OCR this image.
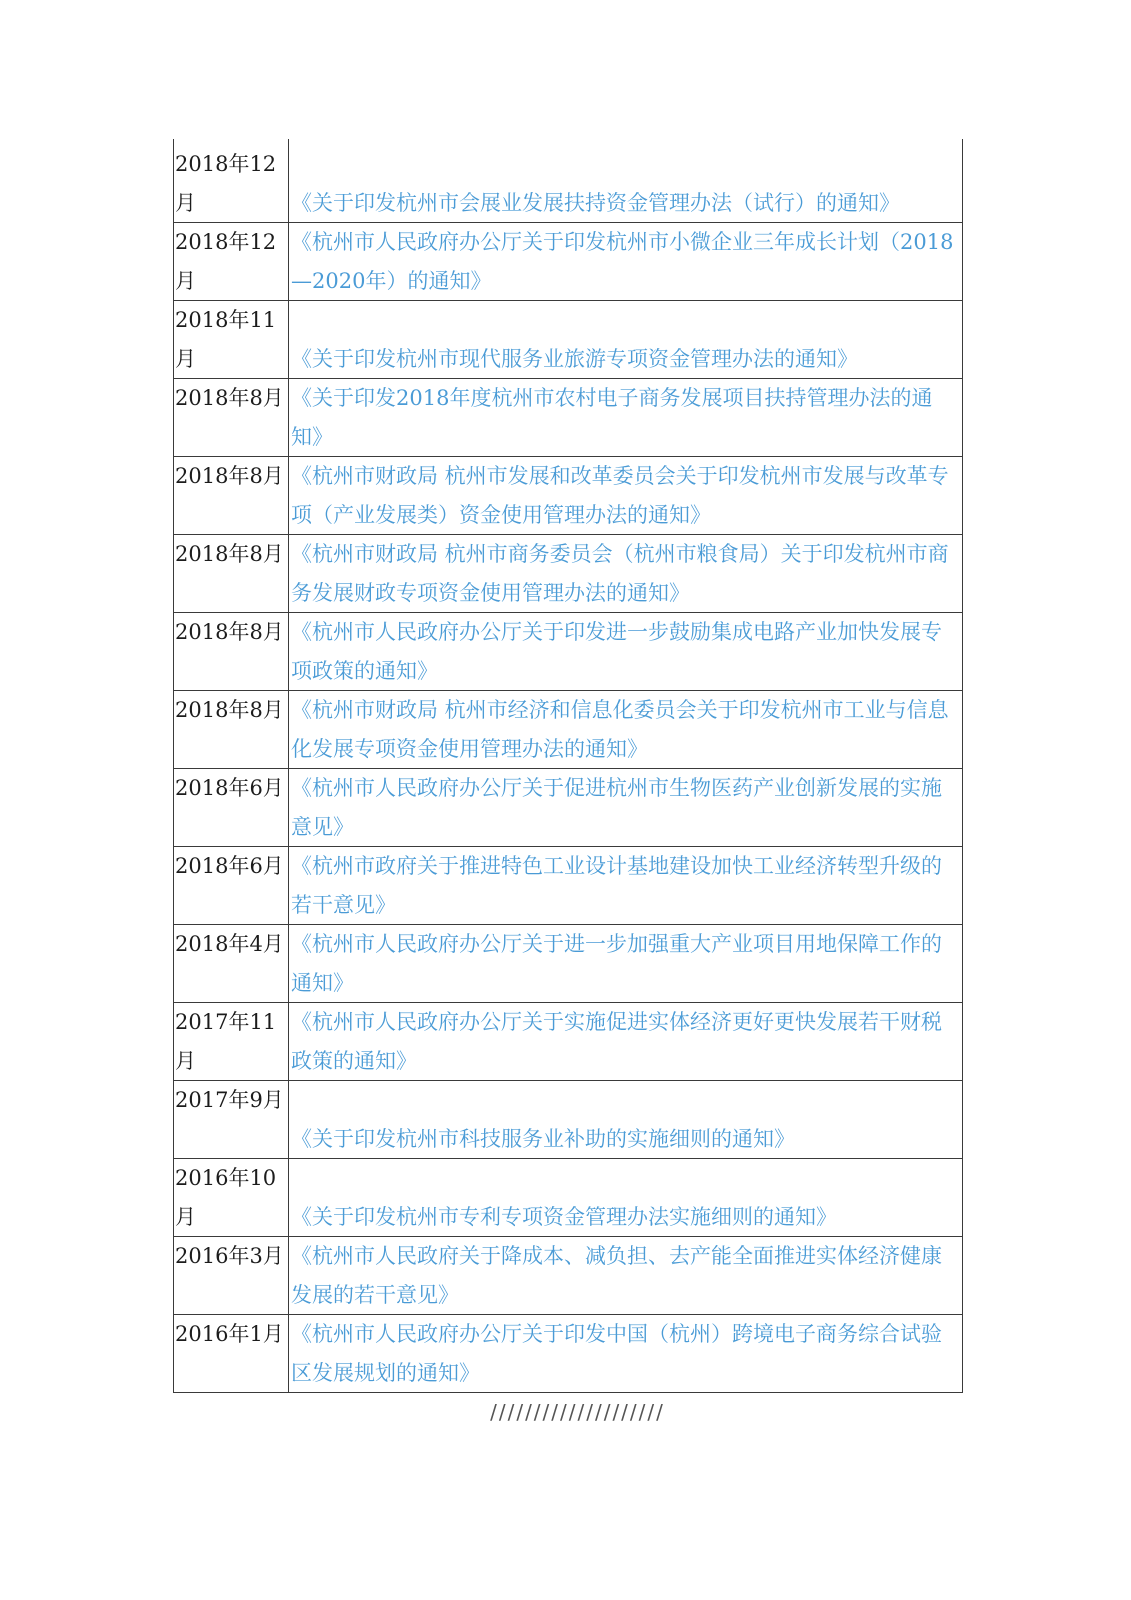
2018年12月	《关于印发杭州市会展业发展扶持资金管理办法（试行）的通知》

2018年12月	《杭州市人民政府办公厅关于印发杭州市小微企业三年成长计划（2018—2020年）的通知》

2018年11月	《关于印发杭州市现代服务业旅游专项资金管理办法的通知》

2018年8月	《关于印发2018年度杭州市农村电子商务发展项目扶持管理办法的通知》

2018年8月	《杭州市财政局 杭州市发展和改革委员会关于印发杭州市发展与改革专项（产业发展类）资金使用管理办法的通知》

2018年8月	《杭州市财政局 杭州市商务委员会（杭州市粮食局）关于印发杭州市商务发展财政专项资金使用管理办法的通知》

2018年8月	《杭州市人民政府办公厅关于印发进一步鼓励集成电路产业加快发展专项政策的通知》

2018年8月	《杭州市财政局 杭州市经济和信息化委员会关于印发杭州市工业与信息化发展专项资金使用管理办法的通知》

2018年6月	《杭州市人民政府办公厅关于促进杭州市生物医药产业创新发展的实施意见》

2018年6月	《杭州市政府关于推进特色工业设计基地建设加快工业经济转型升级的若干意见》

2018年4月	《杭州市人民政府办公厅关于进一步加强重大产业项目用地保障工作的通知》

2017年11月	《杭州市人民政府办公厅关于实施促进实体经济更好更快发展若干财税政策的通知》

2017年9月	《关于印发杭州市科技服务业补助的实施细则的通知》

2016年10月	《关于印发杭州市专利专项资金管理办法实施细则的通知》

2016年3月	《杭州市人民政府关于降成本、减负担、去产能全面推进实体经济健康发展的若干意见》

2016年1月	《杭州市人民政府办公厅关于印发中国（杭州）跨境电子商务综合试验区发展规划的通知》
////////////////////
